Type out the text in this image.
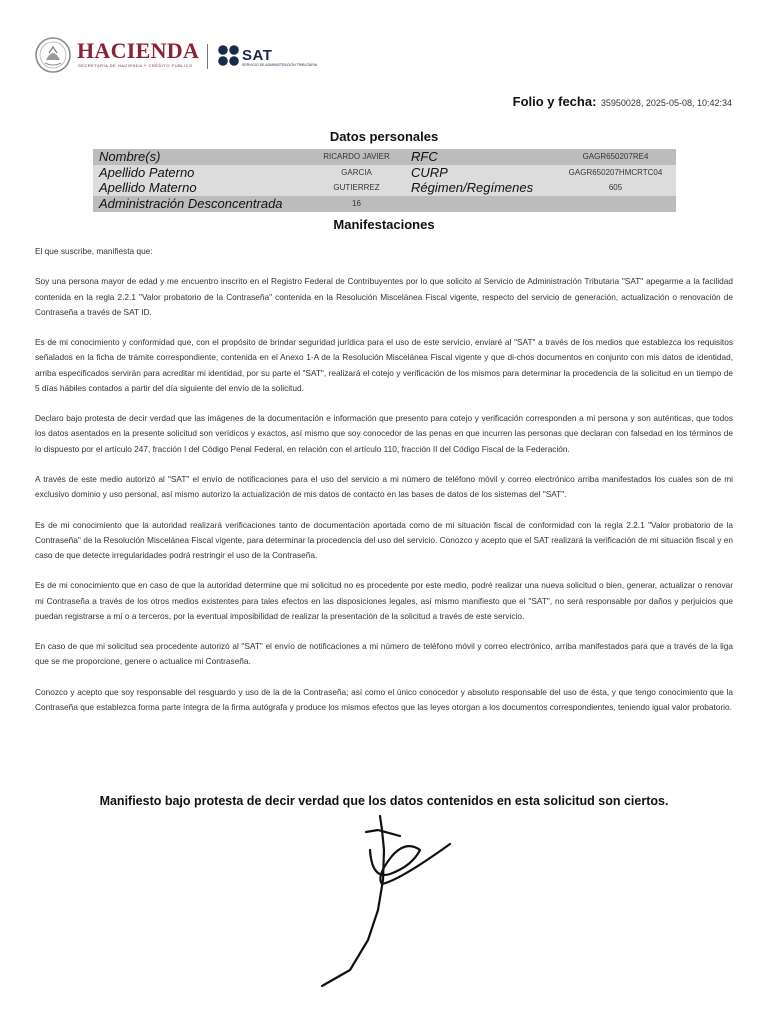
HACIENDA
SECRETARÍA DE HACIENDA Y CRÉDITO PÚBLICO
SAT
SERVICIO DE ADMINISTRACIÓN TRIBUTARIA
Folio y fecha: 35950028, 2025-05-08, 10:42:34
Datos personales
Nombre(s)	RICARDO JAVIER	RFC	GAGR650207RE4
Apellido Paterno	GARCIA	CURP	GAGR650207HMCRTC04
Apellido Materno	GUTIERREZ	Régimen/Regímenes	605
Administración Desconcentrada	16		
Manifestaciones

El que suscribe, manifiesta que:

Soy una persona mayor de edad y me encuentro inscrito en el Registro Federal de Contribuyentes por lo que solicito al Servicio de Administración Tributaria "SAT" apegarme a la facilidad contenida en la regla 2.2.1 "Valor probatorio de la Contraseña" contenida en la Resolución Miscelánea Fiscal vigente, respecto del servicio de generación, actualización o renovación de Contraseña a través de SAT ID.

Es de mi conocimiento y conformidad que, con el propósito de brindar seguridad jurídica para el uso de este servicio, enviaré al "SAT" a través de los medios que establezca los requisitos señalados en la ficha de trámite correspondiente, contenida en el Anexo 1-A de la Resolución Miscelánea Fiscal vigente y que di-chos documentos en conjunto con mis datos de identidad, arriba especificados servirán para acreditar mi identidad, por su parte el "SAT", realizará el cotejo y verificación de los mismos para determinar la procedencia de la solicitud en un tiempo de 5 días hábiles contados a partir del día siguiente del envío de la solicitud.

Declaro bajo protesta de decir verdad que las imágenes de la documentación e información que presento para cotejo y verificación corresponden a mi persona y son auténticas, que todos los datos asentados en la presente solicitud son verídicos y exactos, así mismo que soy conocedor de las penas en que incurren las personas que declaran con falsedad en los términos de lo dispuesto por el artículo 247, fracción I del Código Penal Federal, en relación con el artículo 110, fracción II del Código Fiscal de la Federación.

A través de este medio autorizó al "SAT" el envío de notificaciones para el uso del servicio a mi número de teléfono móvil y correo electrónico arriba manifestados los cuales son de mi exclusivo dominio y uso personal, así mismo autorizo la actualización de mis datos de contacto en las bases de datos de los sistemas del "SAT".

Es de mi conocimiento que la autoridad realizará verificaciones tanto de documentación aportada como de mi situación fiscal de conformidad con la regla 2.2.1 "Valor probatorio de la Contraseña" de la Resolución Miscelánea Fiscal vigente, para determinar la procedencia del uso del servicio. Conozco y acepto que el SAT realizará la verificación de mi situación fiscal y en caso de que detecte irregularidades podrá restringir el uso de la Contraseña.

Es de mi conocimiento que en caso de que la autoridad determine que mi solicitud no es procedente por este medio, podré realizar una nueva solicitud o bien, generar, actualizar o renovar mi Contraseña a través de los otros medios existentes para tales efectos en las disposiciones legales, así mismo manifiesto que el "SAT", no será responsable por daños y perjuicios que puedan registrarse a mí o a terceros, por la eventual imposibilidad de realizar la presentación de la solicitud a través de este servicio.

En caso de que mi solicitud sea procedente autorizó al "SAT" el envío de notificaciones a mi número de teléfono móvil y correo electrónico, arriba manifestados para que a través de la liga que se me proporcione, genere o actualice mi Contraseña.

Conozco y acepto que soy responsable del resguardo y uso de la de la Contraseña; así como el único conocedor y absoluto responsable del uso de ésta, y que tengo conocimiento que la Contraseña que establezca forma parte íntegra de la firma autógrafa y produce los mismos efectos que las leyes otorgan a los documentos correspondientes, teniendo igual valor probatorio.

Manifiesto bajo protesta de decir verdad que los datos contenidos en esta solicitud son ciertos.
